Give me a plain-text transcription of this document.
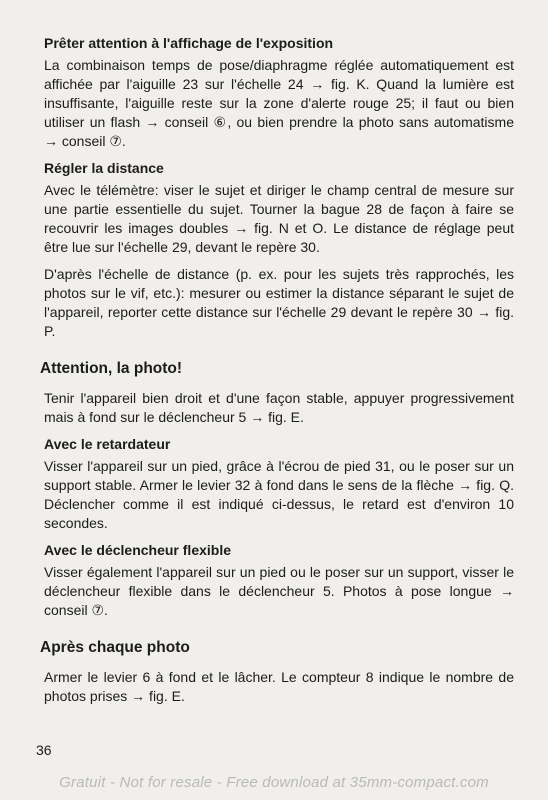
Prêter attention à l'affichage de l'exposition
La combinaison temps de pose/diaphragme réglée automatiquement est affichée par l'aiguille 23 sur l'échelle 24 → fig. K. Quand la lumière est insuffisante, l'aiguille reste sur la zone d'alerte rouge 25; il faut ou bien utiliser un flash → conseil ⑥, ou bien prendre la photo sans automatisme → conseil ⑦.
Régler la distance
Avec le télémètre: viser le sujet et diriger le champ central de mesure sur une partie essentielle du sujet. Tourner la bague 28 de façon à faire se recouvrir les images doubles → fig. N et O. Le distance de réglage peut être lue sur l'échelle 29, devant le repère 30.
D'après l'échelle de distance (p. ex. pour les sujets très rapprochés, les photos sur le vif, etc.): mesurer ou estimer la distance séparant le sujet de l'appareil, reporter cette distance sur l'échelle 29 devant le repère 30 → fig. P.
Attention, la photo!
Tenir l'appareil bien droit et d'une façon stable, appuyer progressivement mais à fond sur le déclencheur 5 → fig. E.
Avec le retardateur
Visser l'appareil sur un pied, grâce à l'écrou de pied 31, ou le poser sur un support stable. Armer le levier 32 à fond dans le sens de la flèche → fig. Q. Déclencher comme il est indiqué ci-dessus, le retard est d'environ 10 secondes.
Avec le déclencheur flexible
Visser également l'appareil sur un pied ou le poser sur un support, visser le déclencheur flexible dans le déclencheur 5. Photos à pose longue → conseil ⑦.
Après chaque photo
Armer le levier 6 à fond et le lâcher. Le compteur 8 indique le nombre de photos prises → fig. E.
36
Gratuit - Not for resale - Free download at 35mm-compact.com
